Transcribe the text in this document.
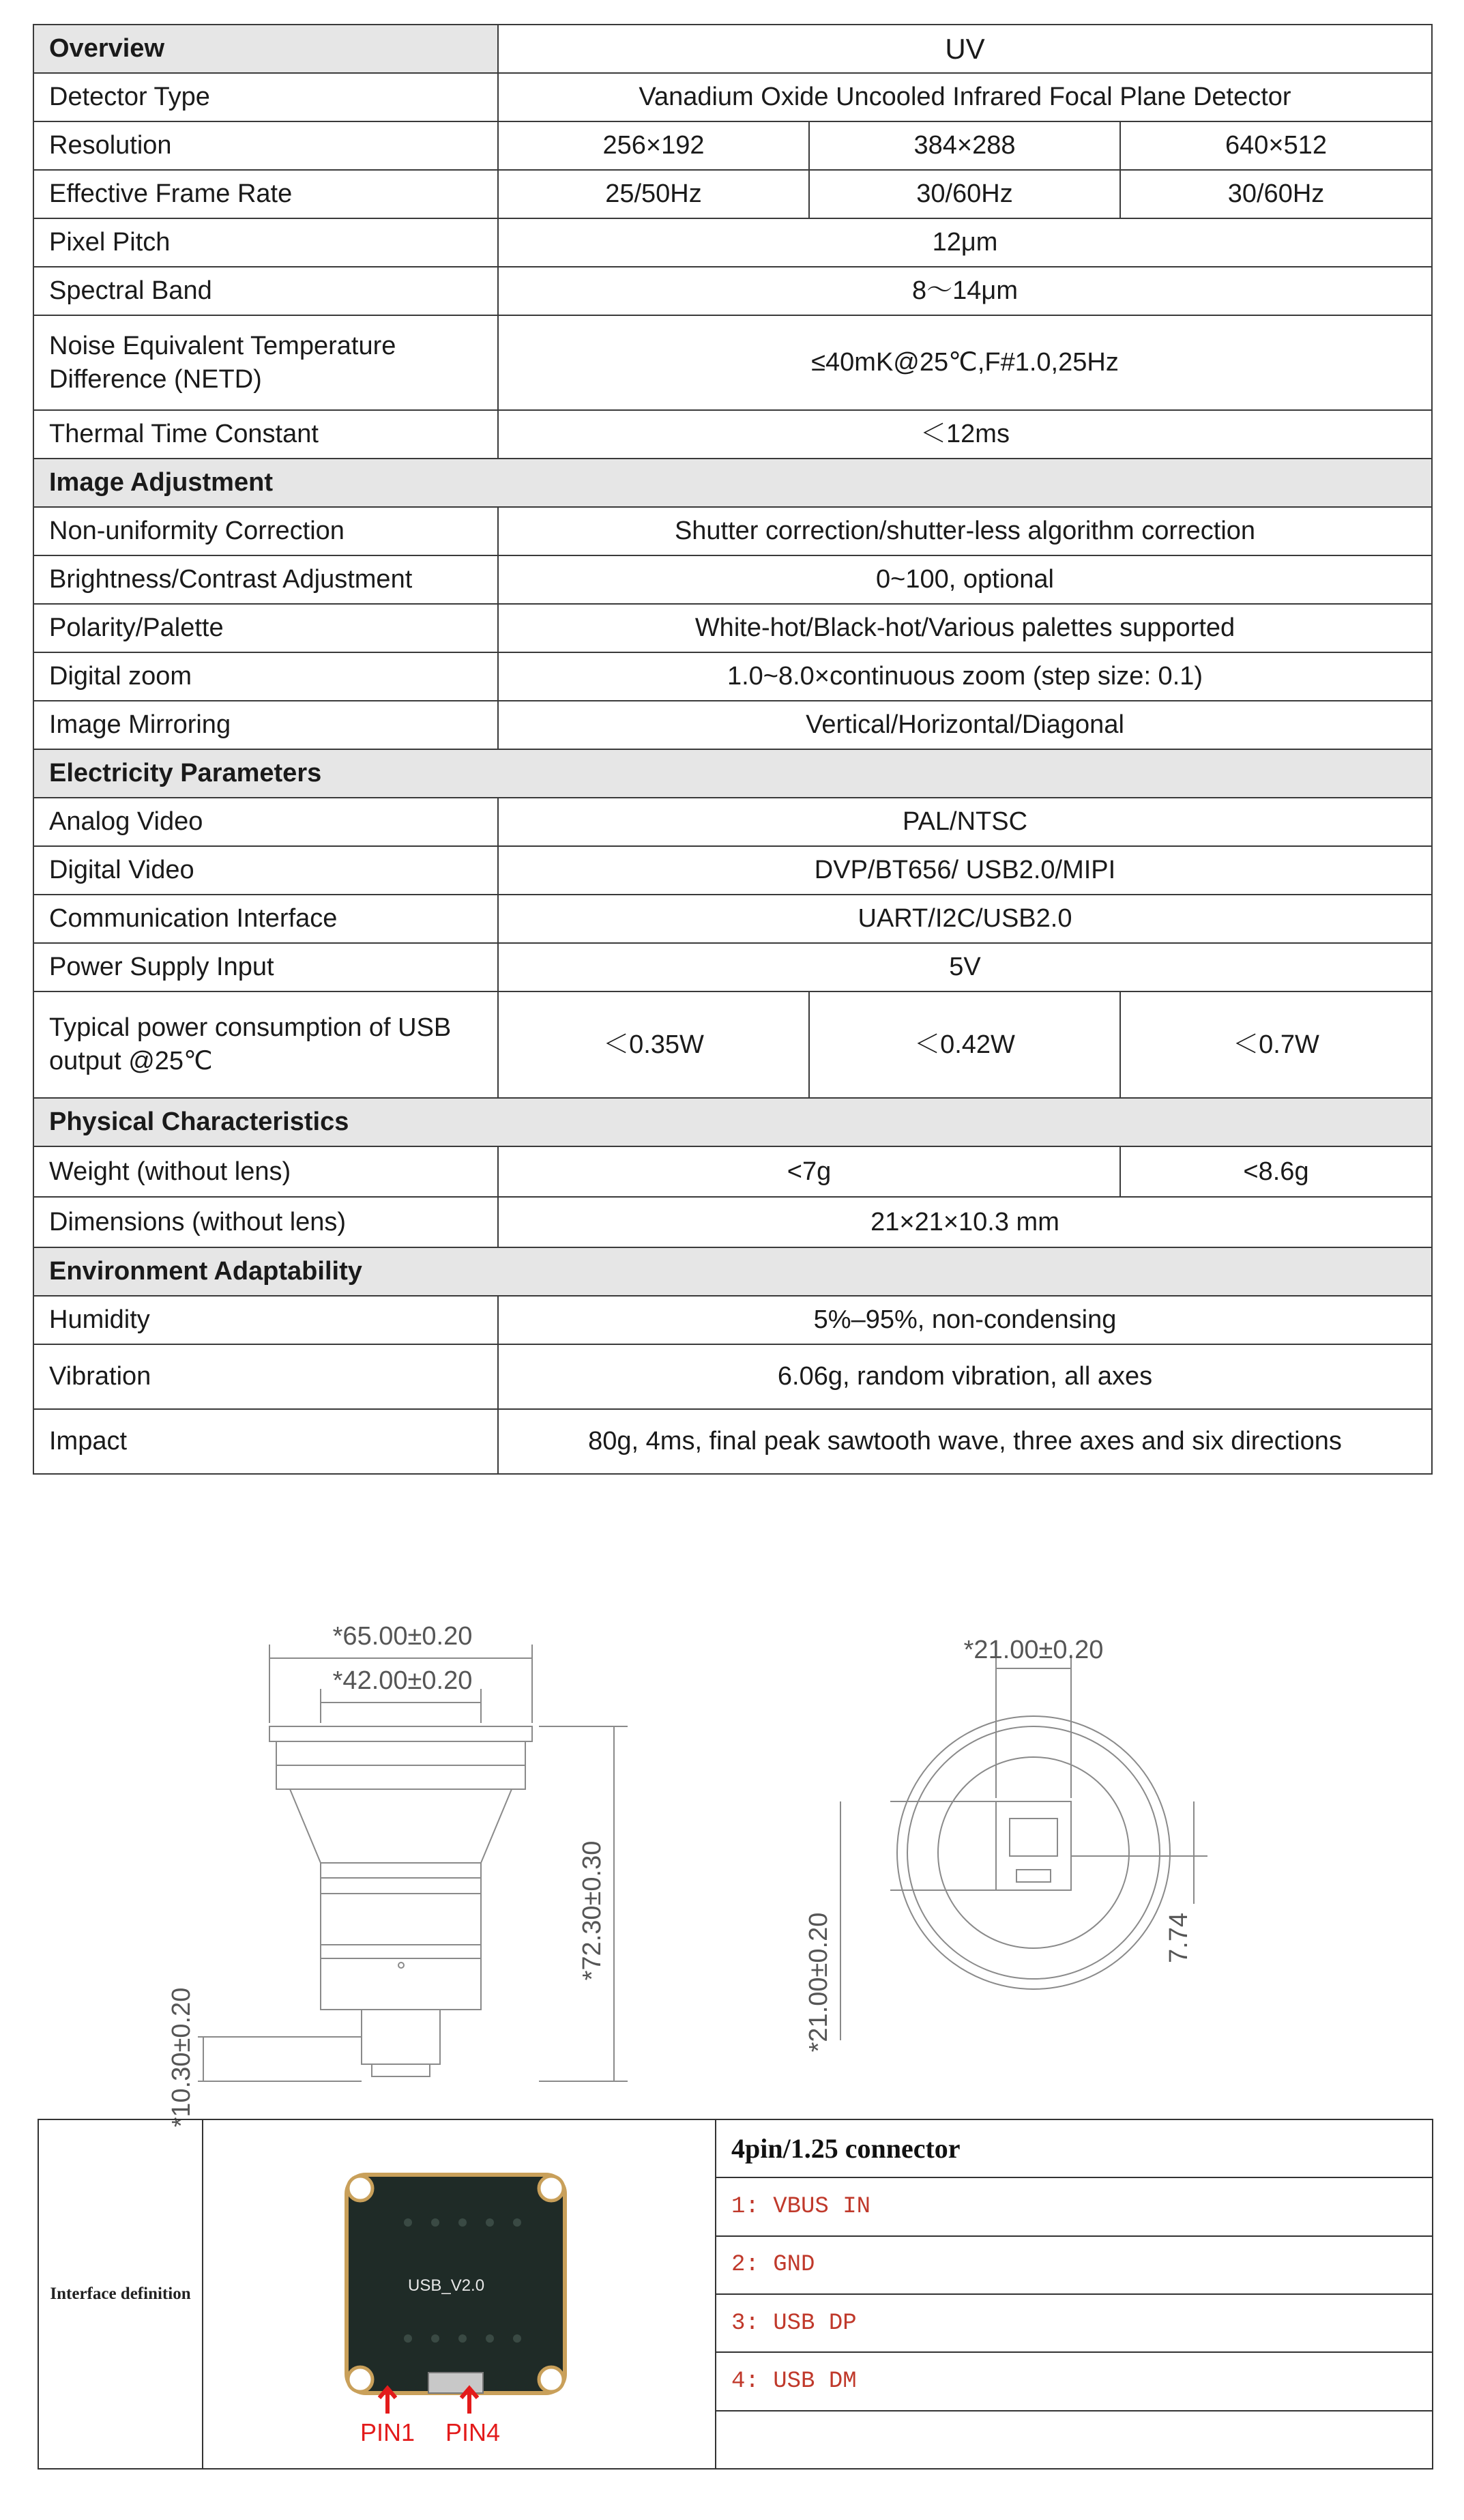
Overview	UV		
Detector Type	Vanadium Oxide Uncooled Infrared Focal Plane Detector		
Resolution	256×192	384×288	640×512
Effective Frame Rate	25/50Hz	30/60Hz	30/60Hz
Pixel Pitch	12μm		
Spectral Band	8～14μm		
Noise Equivalent Temperature Difference (NETD)	≤40mK@25℃,F#1.0,25Hz		
Thermal Time Constant	＜12ms		
Image Adjustment			
Non-uniformity Correction	Shutter correction/shutter-less algorithm correction		
Brightness/Contrast Adjustment	0~100, optional		
Polarity/Palette	White-hot/Black-hot/Various palettes supported		
Digital zoom	1.0~8.0×continuous zoom (step size: 0.1)		
Image Mirroring	Vertical/Horizontal/Diagonal		
Electricity Parameters			
Analog Video	PAL/NTSC		
Digital Video	DVP/BT656/ USB2.0/MIPI		
Communication Interface	UART/I2C/USB2.0		
Power Supply Input	5V		
Typical power consumption of USB output @25℃	＜0.35W	＜0.42W	＜0.7W
Physical Characteristics			
Weight (without lens)	<7g		<8.6g
Dimensions (without lens)	21×21×10.3 mm		
Environment Adaptability			
Humidity	5%–95%, non-condensing		
Vibration	6.06g, random vibration, all axes		
Impact	80g, 4ms, final peak sawtooth wave, three axes and six directions		
*65.00±0.20
*42.00±0.20
*72.30±0.30
*10.30±0.20
*21.00±0.20
*21.00±0.20	7.74
Interface definition	USB_V2.0
PIN1 PIN4

4pin/1.25 connector
1: VBUS IN
2: GND
3: USB DP
4: USB DM
